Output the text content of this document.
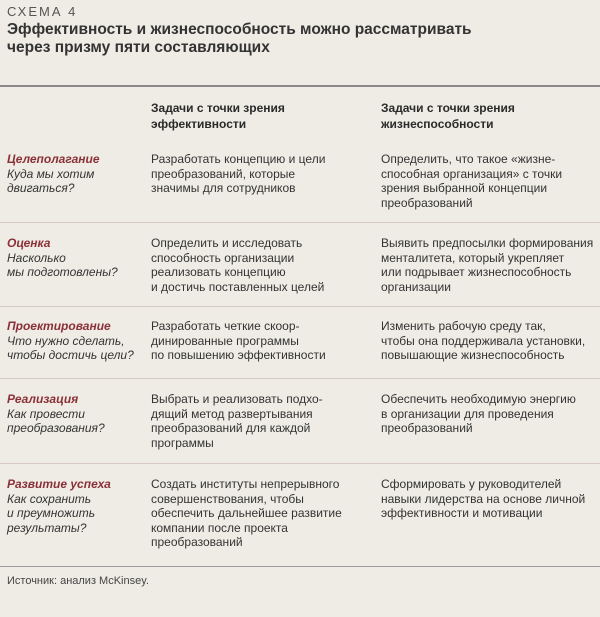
СХЕМА 4
Эффективность и жизнеспособность можно рассматривать
через призму пяти составляющих
Задачи с точки зрения
эффективности
Задачи с точки зрения
жизнеспособности
Целеполагание
Куда мы хотим
двигаться?
Разработать концепцию и цели
преобразований, которые
значимы для сотрудников
Определить, что такое «жизне-
способная организация» с точки
зрения выбранной концепции
преобразований
Оценка
Насколько
мы подготовлены?
Определить и исследовать
способность организации
реализовать концепцию
и достичь поставленных целей
Выявить предпосылки формирования
менталитета, который укрепляет
или подрывает жизнеспособность
организации
Проектирование
Что нужно сделать,
чтобы достичь цели?
Разработать четкие скоор-
динированные программы
по повышению эффективности
Изменить рабочую среду так,
чтобы она поддерживала установки,
повышающие жизнеспособность
Реализация
Как провести
преобразования?
Выбрать и реализовать подхо-
дящий метод развертывания
преобразований для каждой
программы
Обеспечить необходимую энергию
в организации для проведения
преобразований
Развитие успеха
Как сохранить
и преумножить
результаты?
Создать институты непрерывного
совершенствования, чтобы
обеспечить дальнейшее развитие
компании после проекта
преобразований
Сформировать у руководителей
навыки лидерства на основе личной
эффективности и мотивации
Источник: анализ McKinsey.
